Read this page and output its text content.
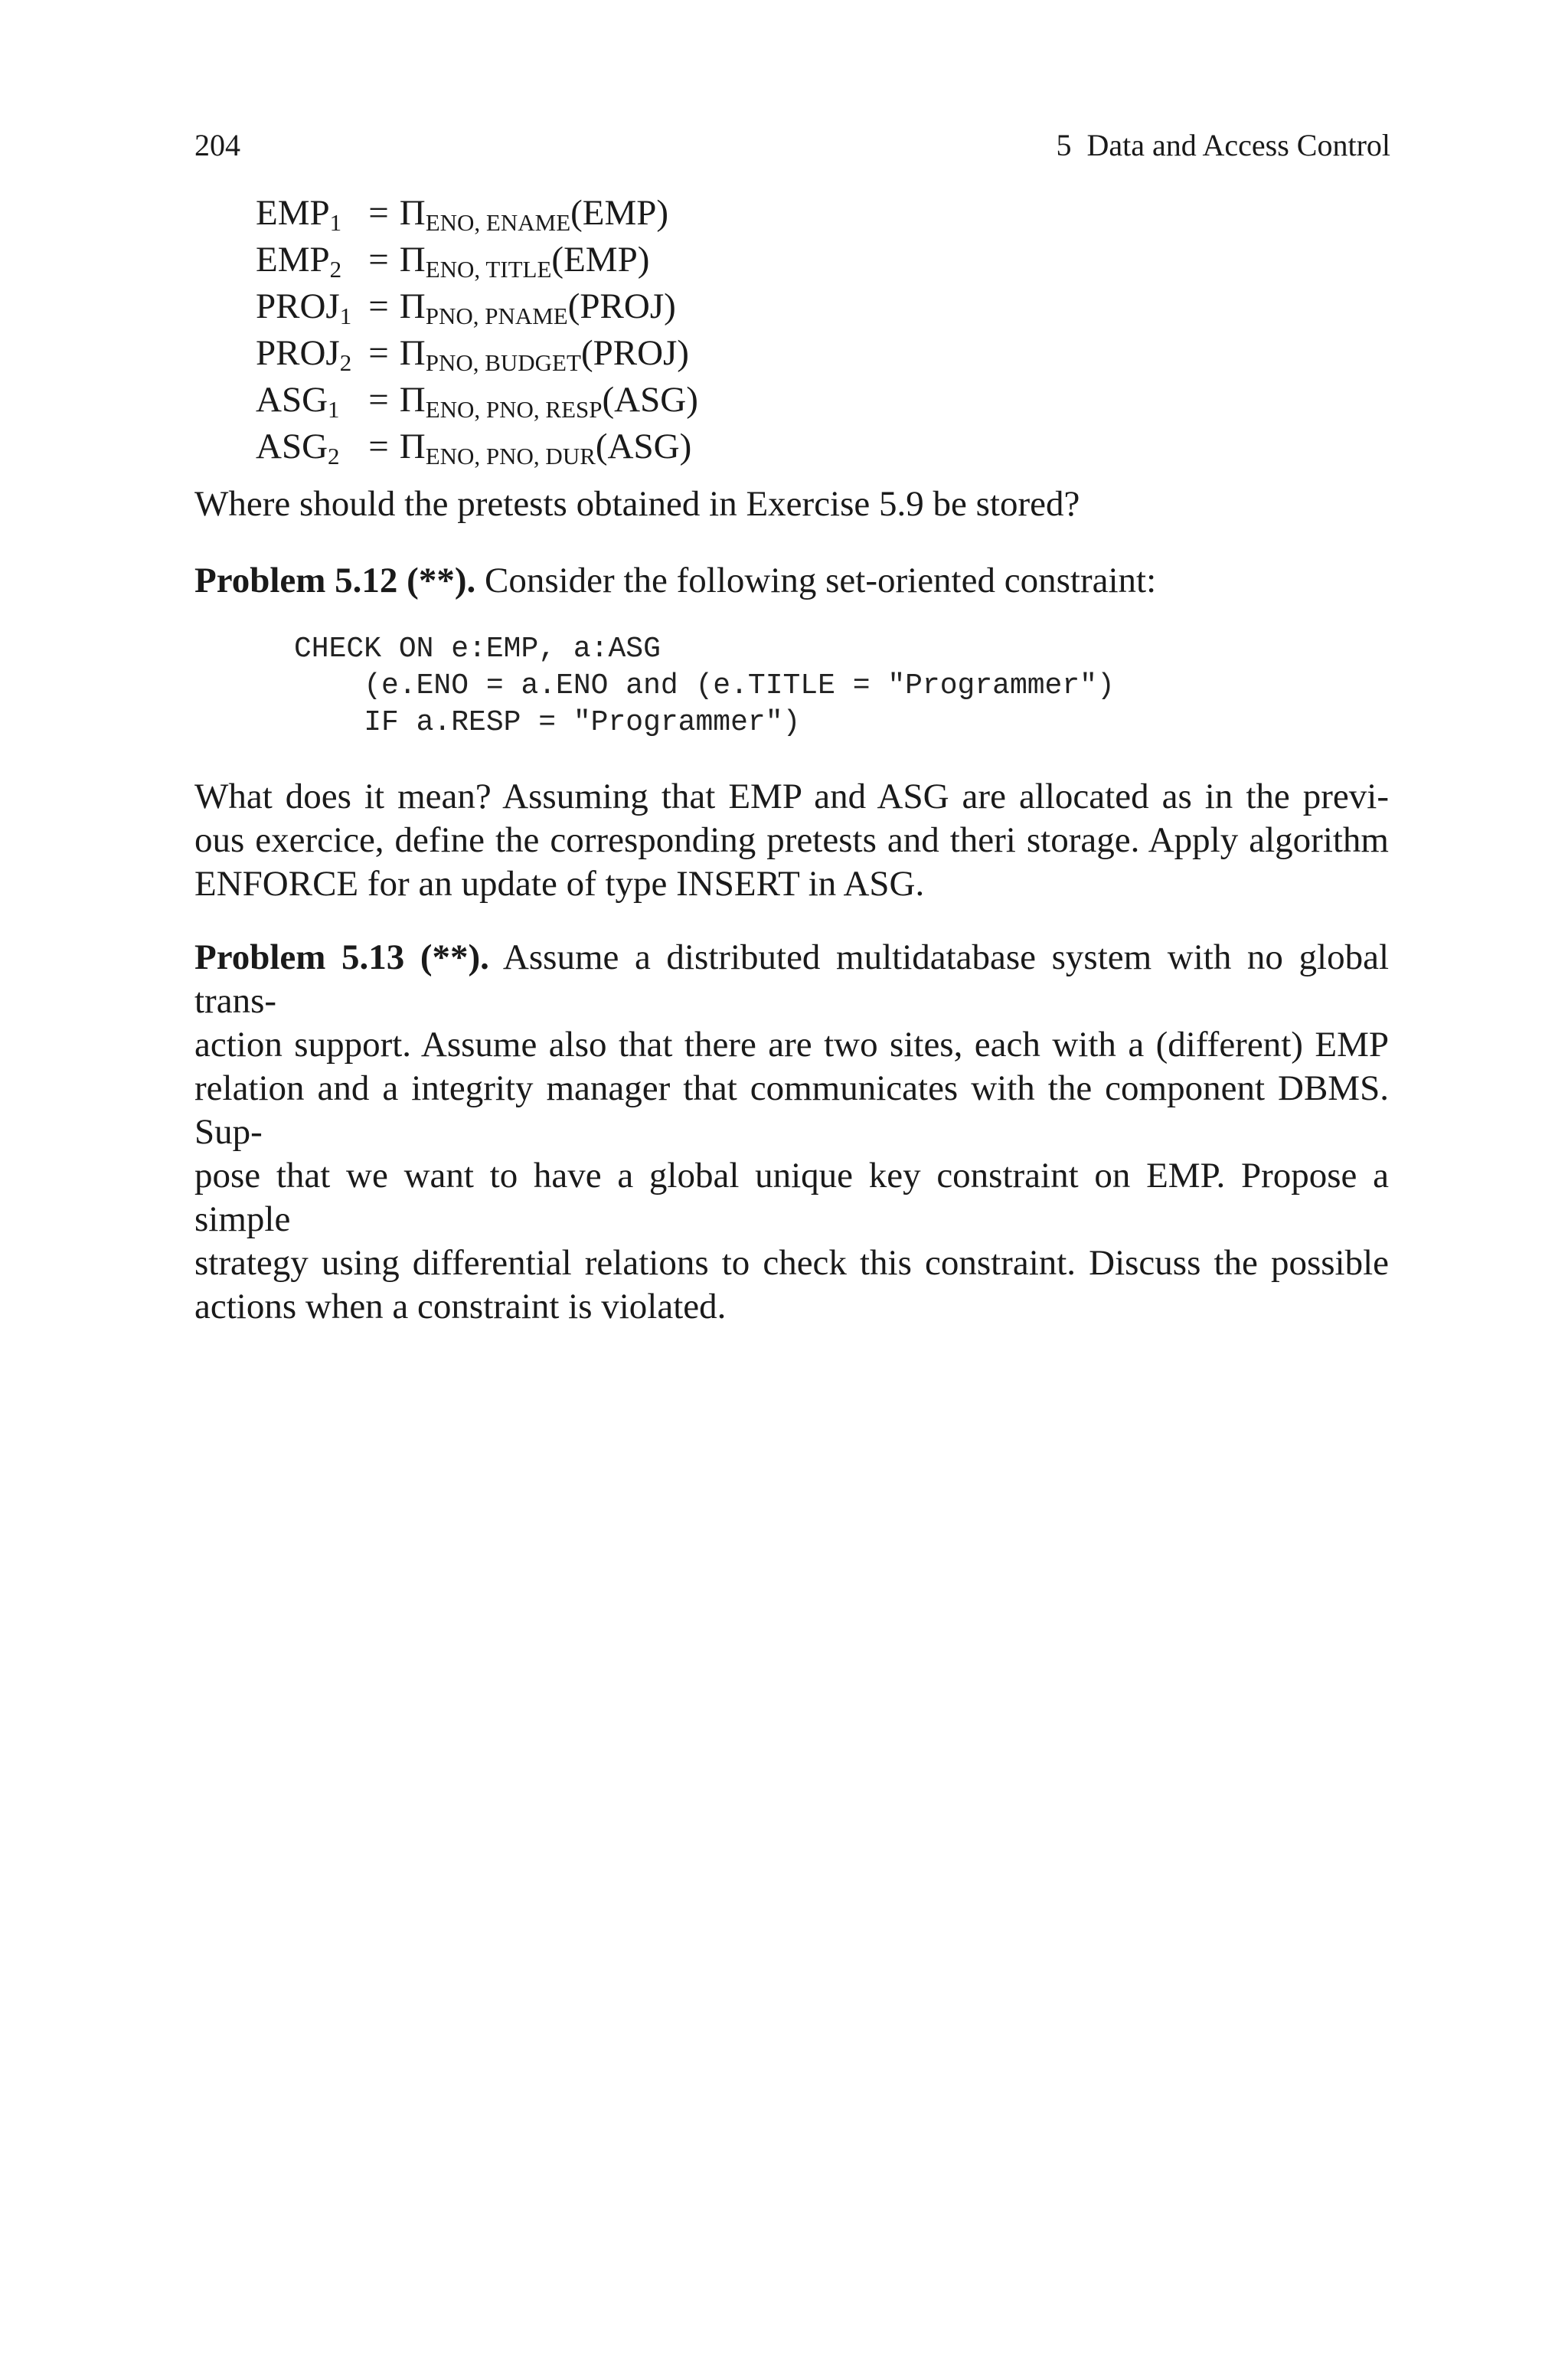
204	5  Data and Access Control
EMP1	=	ΠENO, ENAME(EMP)
EMP2	=	ΠENO, TITLE(EMP)
PROJ1	=	ΠPNO, PNAME(PROJ)
PROJ2	=	ΠPNO, BUDGET(PROJ)
ASG1	=	ΠENO, PNO, RESP(ASG)
ASG2	=	ΠENO, PNO, DUR(ASG)
Where should the pretests obtained in Exercise 5.9 be stored?
Problem 5.12 (**). Consider the following set-oriented constraint:
CHECK ON e:EMP, a:ASG
(e.ENO = a.ENO and (e.TITLE = "Programmer")
IF a.RESP = "Programmer")
What does it mean? Assuming that EMP and ASG are allocated as in the previ-
ous exercice, define the corresponding pretests and theri storage. Apply algorithm
ENFORCE for an update of type INSERT in ASG.
Problem 5.13 (**). Assume a distributed multidatabase system with no global trans-
action support. Assume also that there are two sites, each with a (different) EMP
relation and a integrity manager that communicates with the component DBMS. Sup-
pose that we want to have a global unique key constraint on EMP. Propose a simple
strategy using differential relations to check this constraint. Discuss the possible
actions when a constraint is violated.
